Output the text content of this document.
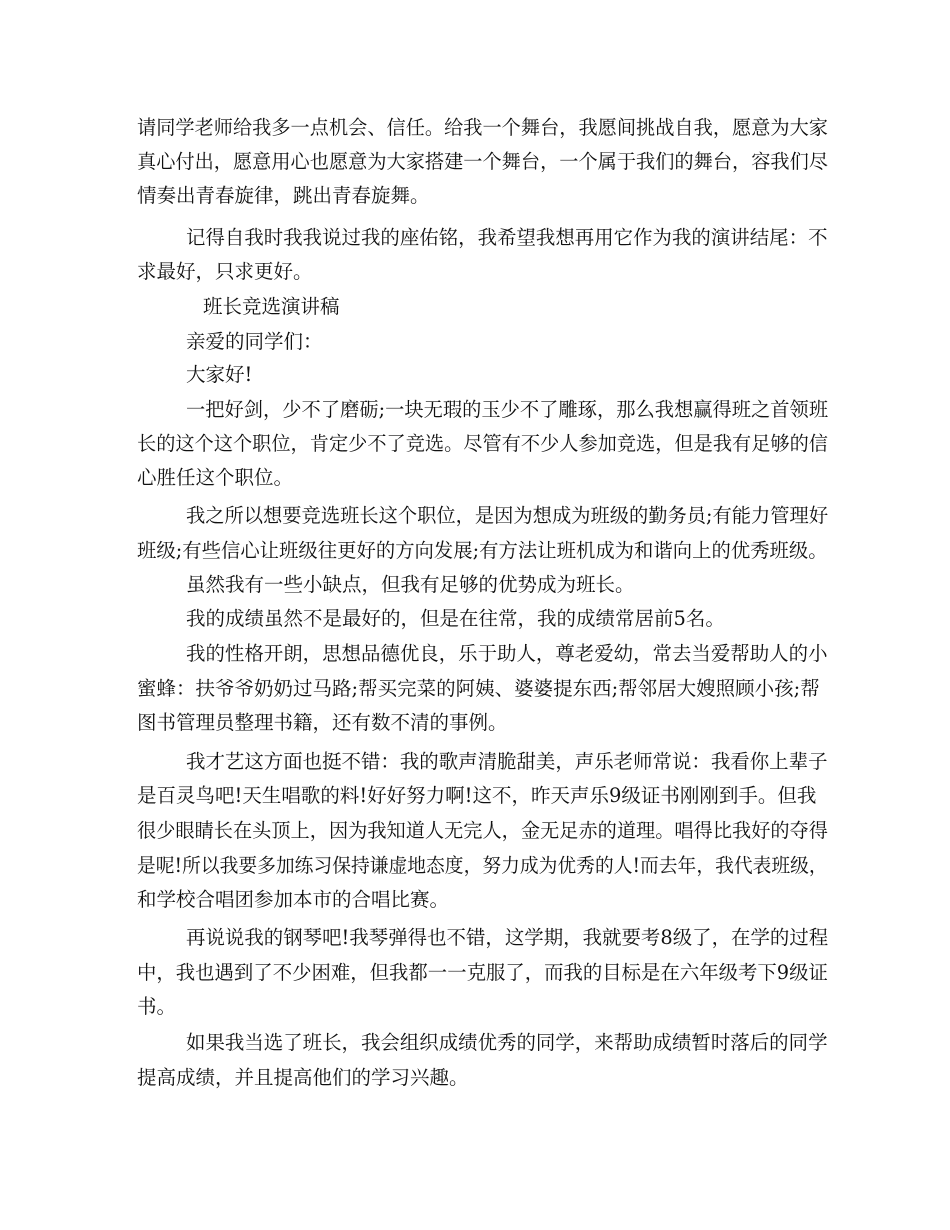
请同学老师给我多一点机会、信任。给我一个舞台，我愿间挑战自我，愿意为大家
真心付出，愿意用心也愿意为大家搭建一个舞台，一个属于我们的舞台，容我们尽
情奏出青春旋律，跳出青春旋舞。
记得自我时我我说过我的座佑铭，我希望我想再用它作为我的演讲结尾：不
求最好，只求更好。
班长竞选演讲稿
亲爱的同学们：
大家好!
一把好剑，少不了磨砺;一块无瑕的玉少不了雕琢，那么我想赢得班之首领班
长的这个这个职位，肯定少不了竞选。尽管有不少人参加竞选，但是我有足够的信
心胜任这个职位。
我之所以想要竞选班长这个职位，是因为想成为班级的勤务员;有能力管理好
班级;有些信心让班级往更好的方向发展;有方法让班机成为和谐向上的优秀班级。
虽然我有一些小缺点，但我有足够的优势成为班长。
我的成绩虽然不是最好的，但是在往常，我的成绩常居前5名。
我的性格开朗，思想品德优良，乐于助人，尊老爱幼，常去当爱帮助人的小
蜜蜂：扶爷爷奶奶过马路;帮买完菜的阿姨、婆婆提东西;帮邻居大嫂照顾小孩;帮
图书管理员整理书籍，还有数不清的事例。
我才艺这方面也挺不错：我的歌声清脆甜美，声乐老师常说：我看你上辈子
是百灵鸟吧!天生唱歌的料!好好努力啊!这不，昨天声乐9级证书刚刚到手。但我
很少眼睛长在头顶上，因为我知道人无完人，金无足赤的道理。唱得比我好的夺得
是呢!所以我要多加练习保持谦虚地态度，努力成为优秀的人!而去年，我代表班级，
和学校合唱团参加本市的合唱比赛。
再说说我的钢琴吧!我琴弹得也不错，这学期，我就要考8级了，在学的过程
中，我也遇到了不少困难，但我都一一克服了，而我的目标是在六年级考下9级证
书。
如果我当选了班长，我会组织成绩优秀的同学，来帮助成绩暂时落后的同学
提高成绩，并且提高他们的学习兴趣。
